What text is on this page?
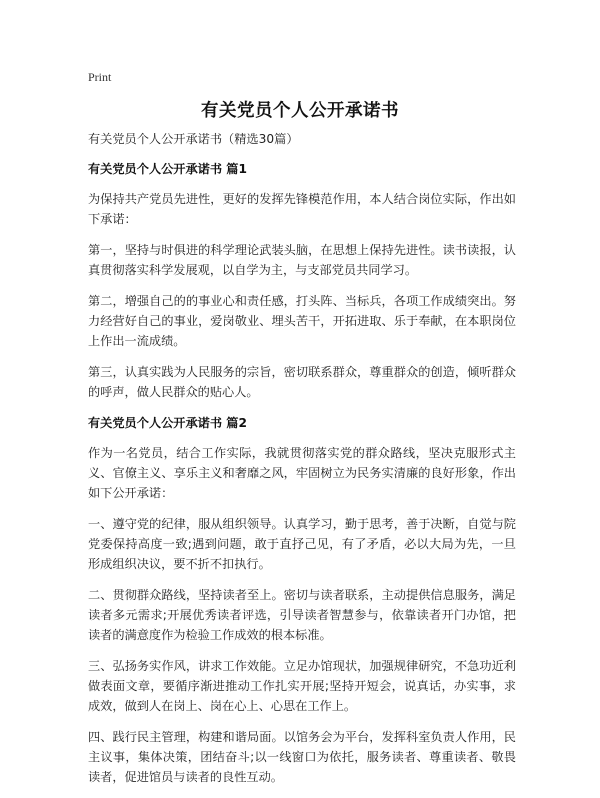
Print
有关党员个人公开承诺书

有关党员个人公开承诺书（精选30篇）

有关党员个人公开承诺书 篇1

为保持共产党员先进性，更好的发挥先锋模范作用，本人结合岗位实际，作出如下承诺：

第一，坚持与时俱进的科学理论武装头脑，在思想上保持先进性。读书读报，认真贯彻落实科学发展观，以自学为主，与支部党员共同学习。

第二，增强自己的的事业心和责任感，打头阵、当标兵，各项工作成绩突出。努力经营好自己的事业，爱岗敬业、埋头苦干，开拓进取、乐于奉献，在本职岗位上作出一流成绩。

第三，认真实践为人民服务的宗旨，密切联系群众，尊重群众的创造，倾听群众的呼声，做人民群众的贴心人。

有关党员个人公开承诺书 篇2

作为一名党员，结合工作实际，我就贯彻落实党的群众路线，坚决克服形式主义、官僚主义、享乐主义和奢靡之风，牢固树立为民务实清廉的良好形象，作出如下公开承诺：

一、遵守党的纪律，服从组织领导。认真学习，勤于思考，善于决断，自觉与院党委保持高度一致;遇到问题，敢于直抒己见，有了矛盾，必以大局为先，一旦形成组织决议，要不折不扣执行。

二、贯彻群众路线，坚持读者至上。密切与读者联系，主动提供信息服务，满足读者多元需求;开展优秀读者评选，引导读者智慧参与，依靠读者开门办馆，把读者的满意度作为检验工作成效的根本标准。

三、弘扬务实作风，讲求工作效能。立足办馆现状，加强规律研究，不急功近利做表面文章，要循序渐进推动工作扎实开展;坚持开短会，说真话，办实事，求成效，做到人在岗上、岗在心上、心思在工作上。

四、践行民主管理，构建和谐局面。以馆务会为平台，发挥科室负责人作用，民主议事，集体决策，团结奋斗;以一线窗口为依托，服务读者、尊重读者、敬畏读者，促进馆员与读者的良性互动。
